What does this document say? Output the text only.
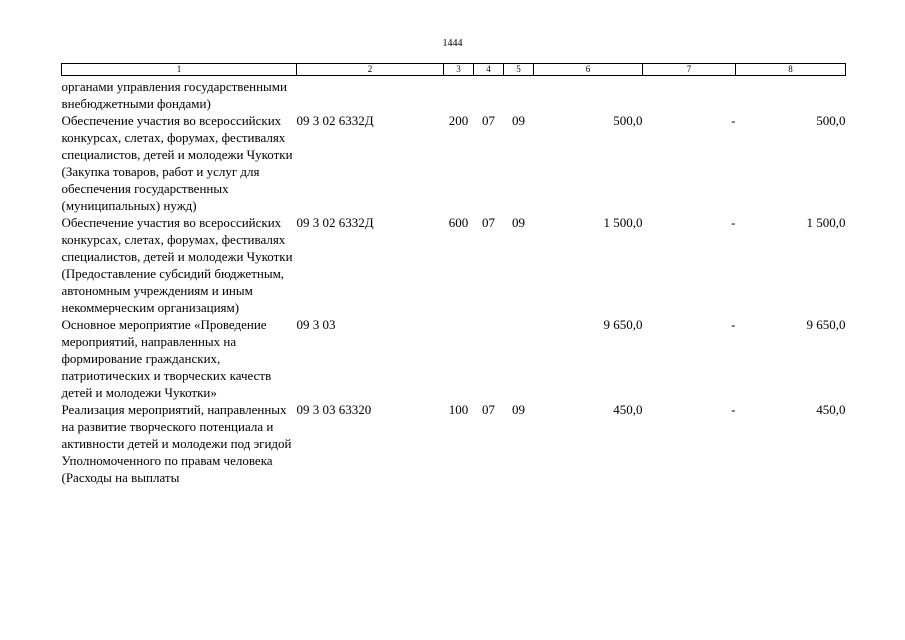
1444
1	2	3	4	5	6	7	8
органами управления государственными внебюджетными фондами)							
Обеспечение участия во всероссийских конкурсах, слетах, форумах, фестивалях специалистов, детей и молодежи Чукотки (Закупка товаров, работ и услуг для обеспечения государственных (муниципальных) нужд)	09 3 02 6332Д	200	07	09	500,0	-	500,0
Обеспечение участия во всероссийских конкурсах, слетах, форумах, фестивалях специалистов, детей и молодежи Чукотки (Предоставление субсидий бюджетным, автономным учреждениям и иным некоммерческим организациям)	09 3 02 6332Д	600	07	09	1 500,0	-	1 500,0
Основное мероприятие «Проведение мероприятий, направленных на формирование гражданских, патриотических и творческих качеств детей и молодежи Чукотки»	09 3 03				9 650,0	-	9 650,0
Реализация мероприятий, направленных на развитие творческого потенциала и активности детей и молодежи под эгидой Уполномоченного по правам человека (Расходы на выплаты	09 3 03 63320	100	07	09	450,0	-	450,0
